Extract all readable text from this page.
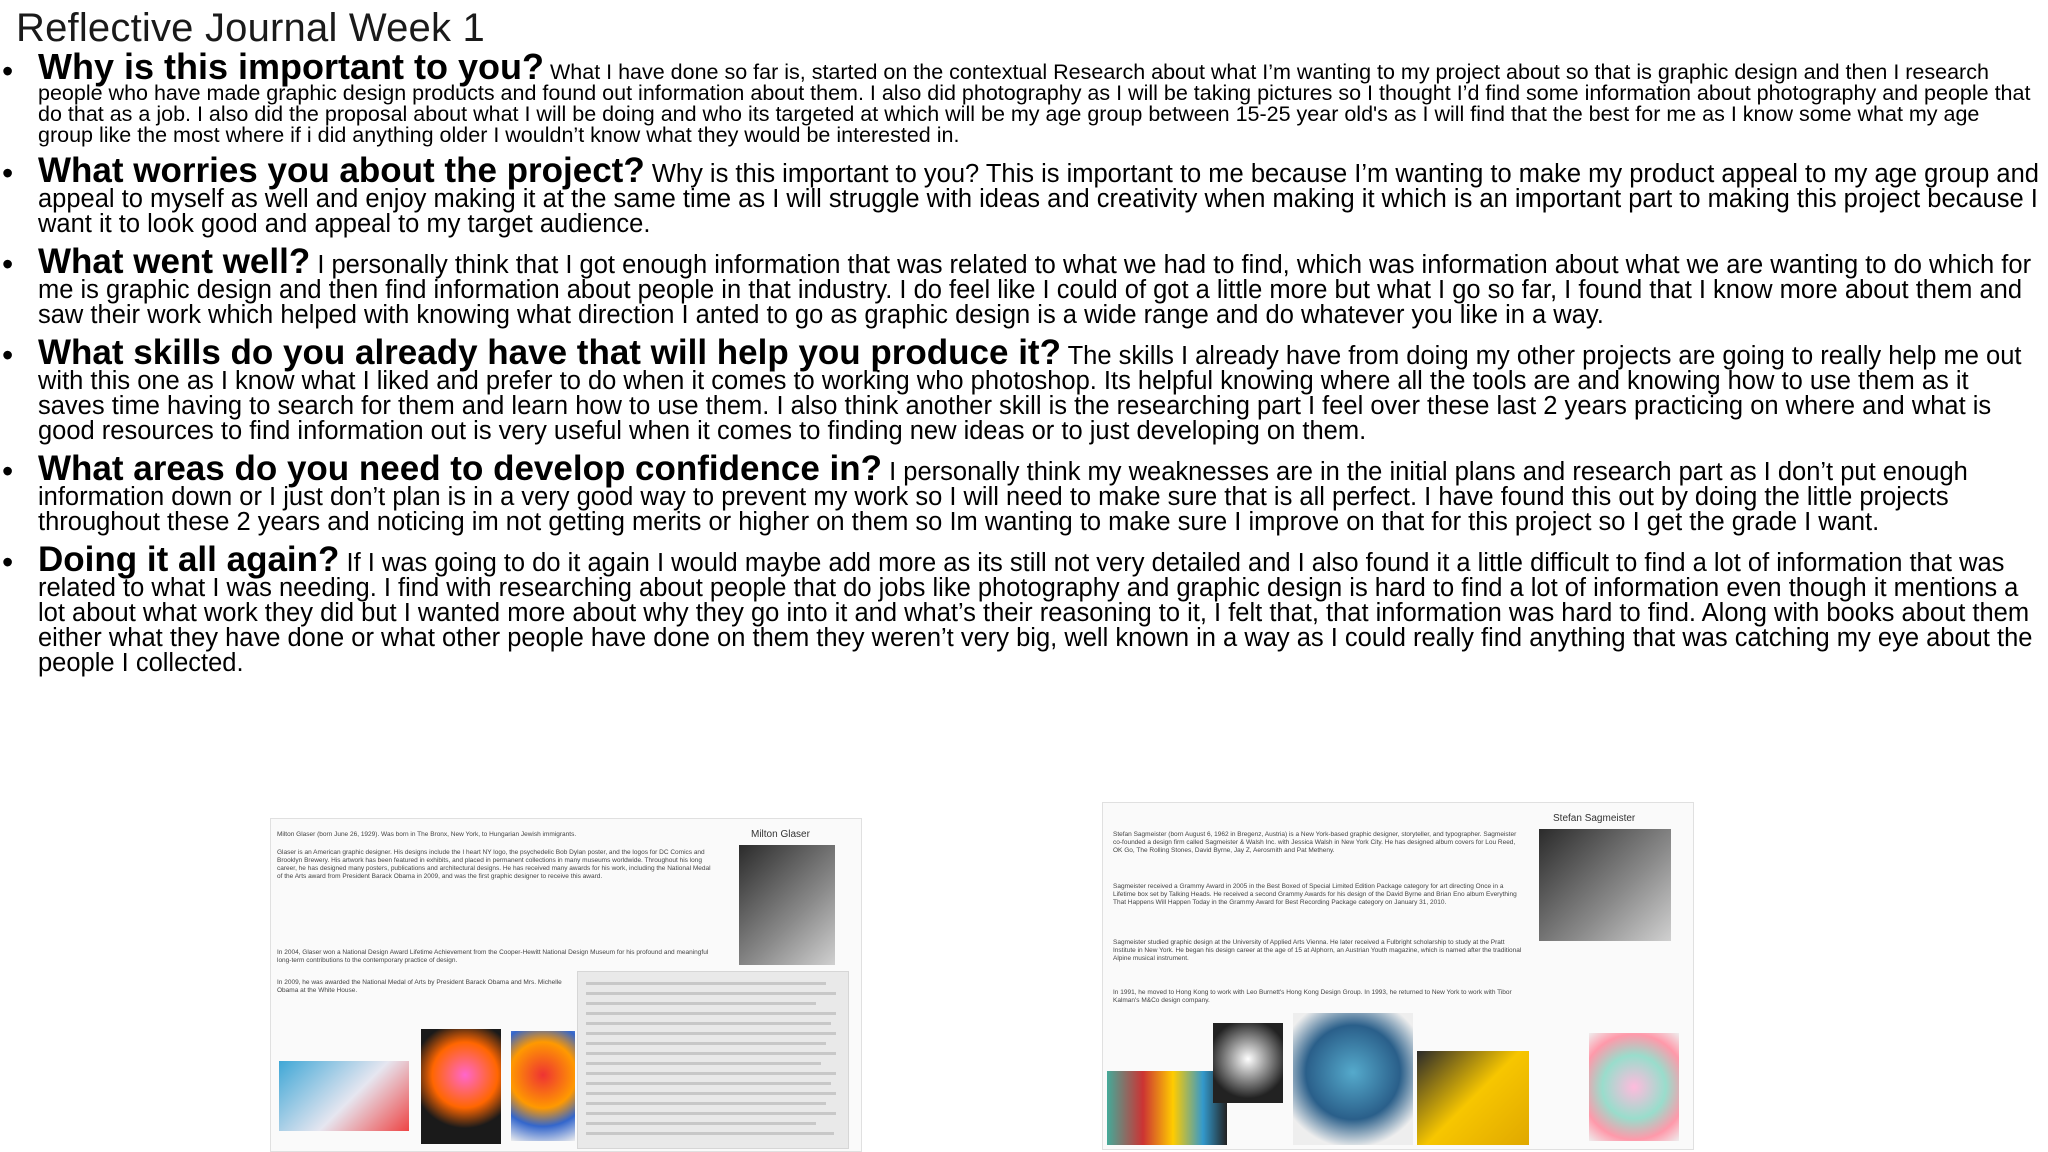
Reflective Journal Week 1
• Why is this important to you? What I have done so far is, started on the contextual Research about what I’m wanting to my project about so that is graphic design and then I research people who have made graphic design products and found out information about them. I also did photography as I will be taking pictures so I thought I’d find some information about photography and people that do that as a job. I also did the proposal about what I will be doing and who its targeted at which will be my age group between 15-25 year old's as I will find that the best for me as I know some what my age group like the most where if i did anything older I wouldn’t know what they would be interested in.
• What worries you about the project? Why is this important to you? This is important to me because I’m wanting to make my product appeal to my age group and appeal to myself as well and enjoy making it at the same time as I will struggle with ideas and creativity when making it which is an important part to making this project because I want it to look good and appeal to my target audience.
• What went well? I personally think that I got enough information that was related to what we had to find, which was information about what we are wanting to do which for me is graphic design and then find information about people in that industry. I do feel like I could of got a little more but what I go so far, I found that I know more about them and saw their work which helped with knowing what direction I anted to go as graphic design is a wide range and do whatever you like in a way.
• What skills do you already have that will help you produce it? The skills I already have from doing my other projects are going to really help me out with this one as I know what I liked and prefer to do when it comes to working who photoshop. Its helpful knowing where all the tools are and knowing how to use them as it saves time having to search for them and learn how to use them. I also think another skill is the researching part I feel over these last 2 years practicing on where and what is good resources to find information out is very useful when it comes to finding new ideas or to just developing on them.
• What areas do you need to develop confidence in? I personally think my weaknesses are in the initial plans and research part as I don’t put enough information down or I just don’t plan is in a very good way to prevent my work so I will need to make sure that is all perfect. I have found this out by doing the little projects throughout these 2 years and noticing im not getting merits or higher on them so Im wanting to make sure I improve on that for this project so I get the grade I want.
• Doing it all again? If I was going to do it again I would maybe add more as its still not very detailed and I also found it a little difficult to find a lot of information that was related to what I was needing. I find with researching about people that do jobs like photography and graphic design is hard to find a lot of information even though it mentions a lot about what work they did but I wanted more about why they go into it and what’s their reasoning to it, I felt that, that information was hard to find. Along with books about them either what they have done or what other people have done on them they weren’t very big, well known in a way as I could really find anything that was catching my eye about the people I collected.
Milton Glaser
Milton Glaser (born June 26, 1929). Was born in The Bronx, New York, to Hungarian Jewish immigrants.
Glaser is an American graphic designer. His designs include the I heart NY logo, the psychedelic Bob Dylan poster, and the logos for DC Comics and Brooklyn Brewery. His artwork has been featured in exhibits, and placed in permanent collections in many museums worldwide. Throughout his long career, he has designed many posters, publications and architectural designs. He has received many awards for his work, including the National Medal of the Arts award from President Barack Obama in 2009, and was the first graphic designer to receive this award.
In 2004, Glaser won a National Design Award Lifetime Achievement from the Cooper-Hewitt National Design Museum for his profound and meaningful long-term contributions to the contemporary practice of design.
In 2009, he was awarded the National Medal of Arts by President Barack Obama and Mrs. Michelle Obama at the White House.
Stefan Sagmeister
Stefan Sagmeister (born August 6, 1962 in Bregenz, Austria) is a New York-based graphic designer, storyteller, and typographer. Sagmeister co-founded a design firm called Sagmeister & Walsh Inc. with Jessica Walsh in New York City. He has designed album covers for Lou Reed, OK Go, The Rolling Stones, David Byrne, Jay Z, Aerosmith and Pat Metheny.
Sagmeister received a Grammy Award in 2005 in the Best Boxed of Special Limited Edition Package category for art directing Once in a Lifetime box set by Talking Heads. He received a second Grammy Awards for his design of the David Byrne and Brian Eno album Everything That Happens Will Happen Today in the Grammy Award for Best Recording Package category on January 31, 2010.
Sagmeister studied graphic design at the University of Applied Arts Vienna. He later received a Fulbright scholarship to study at the Pratt Institute in New York. He began his design career at the age of 15 at Alphorn, an Austrian Youth magazine, which is named after the traditional Alpine musical instrument.
In 1991, he moved to Hong Kong to work with Leo Burnett's Hong Kong Design Group. In 1993, he returned to New York to work with Tibor Kalman's M&Co design company.
